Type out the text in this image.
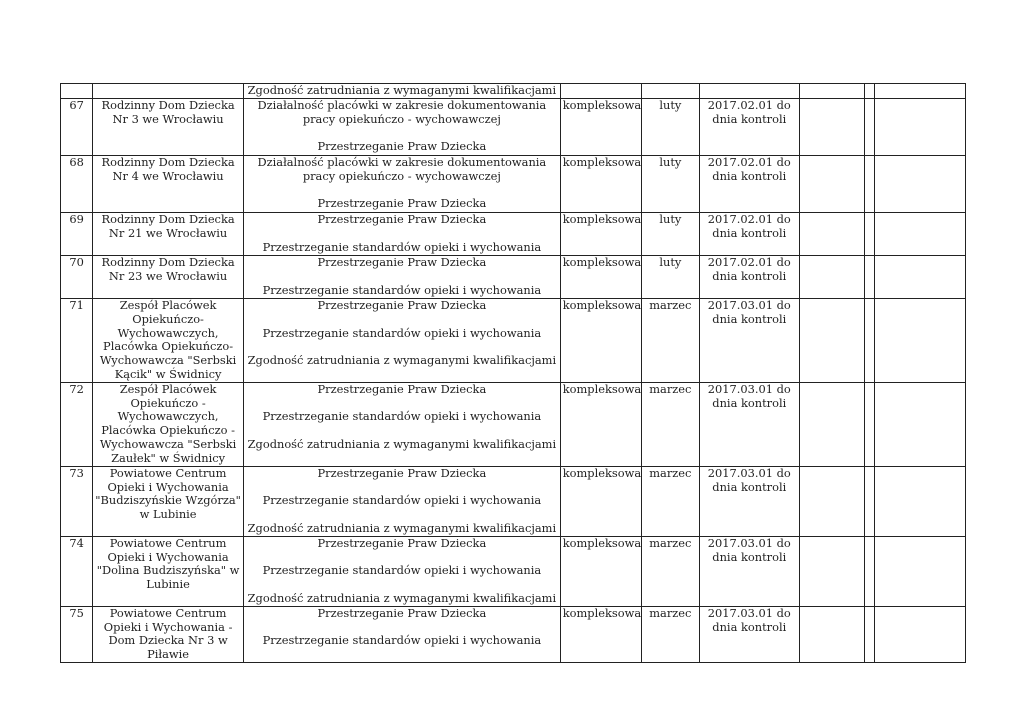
		Zgodność zatrudniania z wymaganymi kwalifikacjami						
67	Rodzinny Dom Dziecka Nr 3 we Wrocławiu	Działalność placówki w zakresie dokumentowania pracy opiekuńczo - wychowawczej
Przestrzeganie Praw Dziecka	kompleksowa	luty	2017.02.01 do dnia kontroli			
68	Rodzinny Dom Dziecka Nr 4 we Wrocławiu	Działalność placówki w zakresie dokumentowania pracy opiekuńczo - wychowawczej
Przestrzeganie Praw Dziecka	kompleksowa	luty	2017.02.01 do dnia kontroli			
69	Rodzinny Dom Dziecka Nr 21 we Wrocławiu	Przestrzeganie Praw Dziecka
Przestrzeganie standardów opieki i wychowania	kompleksowa	luty	2017.02.01 do dnia kontroli			
70	Rodzinny Dom Dziecka Nr 23 we Wrocławiu	Przestrzeganie Praw Dziecka
Przestrzeganie standardów opieki i wychowania	kompleksowa	luty	2017.02.01 do dnia kontroli			
71	Zespół Placówek Opiekuńczo-Wychowawczych, Placówka Opiekuńczo-Wychowawcza "Serbski Kącik" w Świdnicy	Przestrzeganie Praw Dziecka
Przestrzeganie standardów opieki i wychowania
Zgodność zatrudniania z wymaganymi kwalifikacjami	kompleksowa	marzec	2017.03.01 do dnia kontroli			
72	Zespół Placówek Opiekuńczo - Wychowawczych, Placówka Opiekuńczo - Wychowawcza "Serbski Zaułek" w Świdnicy	Przestrzeganie Praw Dziecka
Przestrzeganie standardów opieki i wychowania
Zgodność zatrudniania z wymaganymi kwalifikacjami	kompleksowa	marzec	2017.03.01 do dnia kontroli			
73	Powiatowe Centrum Opieki i Wychowania "Budziszyńskie Wzgórza" w Lubinie	Przestrzeganie Praw Dziecka
Przestrzeganie standardów opieki i wychowania
Zgodność zatrudniania z wymaganymi kwalifikacjami	kompleksowa	marzec	2017.03.01 do dnia kontroli			
74	Powiatowe Centrum Opieki i Wychowania "Dolina Budziszyńska" w Lubinie	Przestrzeganie Praw Dziecka
Przestrzeganie standardów opieki i wychowania
Zgodność zatrudniania z wymaganymi kwalifikacjami	kompleksowa	marzec	2017.03.01 do dnia kontroli			
75	Powiatowe Centrum Opieki i Wychowania - Dom Dziecka Nr 3 w Piławie	Przestrzeganie Praw Dziecka
Przestrzeganie standardów opieki i wychowania	kompleksowa	marzec	2017.03.01 do dnia kontroli			
